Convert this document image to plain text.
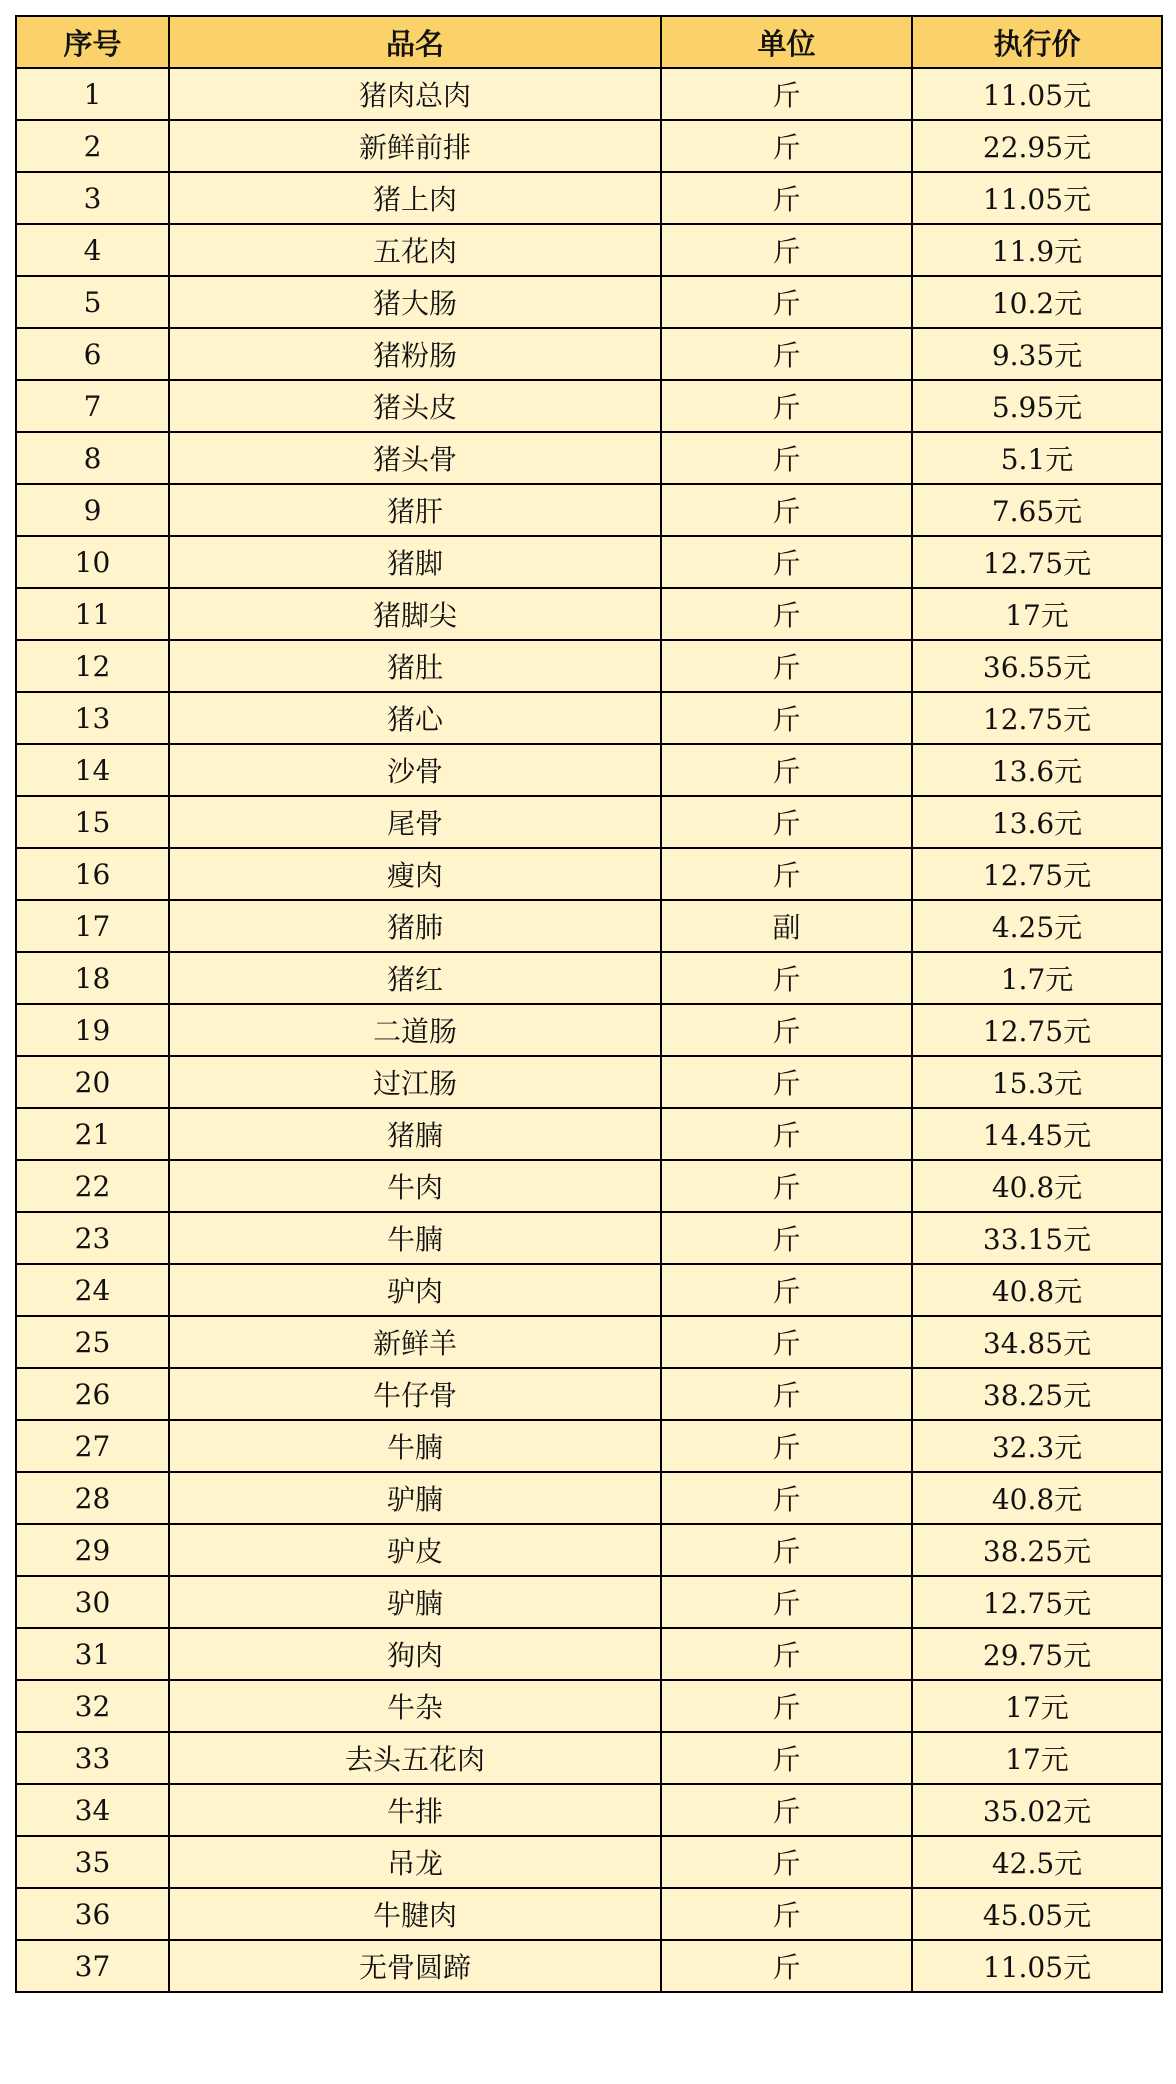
序号	品名	单位	执行价
1	猪肉总肉	斤	11.05元
2	新鲜前排	斤	22.95元
3	猪上肉	斤	11.05元
4	五花肉	斤	11.9元
5	猪大肠	斤	10.2元
6	猪粉肠	斤	9.35元
7	猪头皮	斤	5.95元
8	猪头骨	斤	5.1元
9	猪肝	斤	7.65元
10	猪脚	斤	12.75元
11	猪脚尖	斤	17元
12	猪肚	斤	36.55元
13	猪心	斤	12.75元
14	沙骨	斤	13.6元
15	尾骨	斤	13.6元
16	瘦肉	斤	12.75元
17	猪肺	副	4.25元
18	猪红	斤	1.7元
19	二道肠	斤	12.75元
20	过江肠	斤	15.3元
21	猪腩	斤	14.45元
22	牛肉	斤	40.8元
23	牛腩	斤	33.15元
24	驴肉	斤	40.8元
25	新鲜羊	斤	34.85元
26	牛仔骨	斤	38.25元
27	牛腩	斤	32.3元
28	驴腩	斤	40.8元
29	驴皮	斤	38.25元
30	驴腩	斤	12.75元
31	狗肉	斤	29.75元
32	牛杂	斤	17元
33	去头五花肉	斤	17元
34	牛排	斤	35.02元
35	吊龙	斤	42.5元
36	牛腱肉	斤	45.05元
37	无骨圆蹄	斤	11.05元
